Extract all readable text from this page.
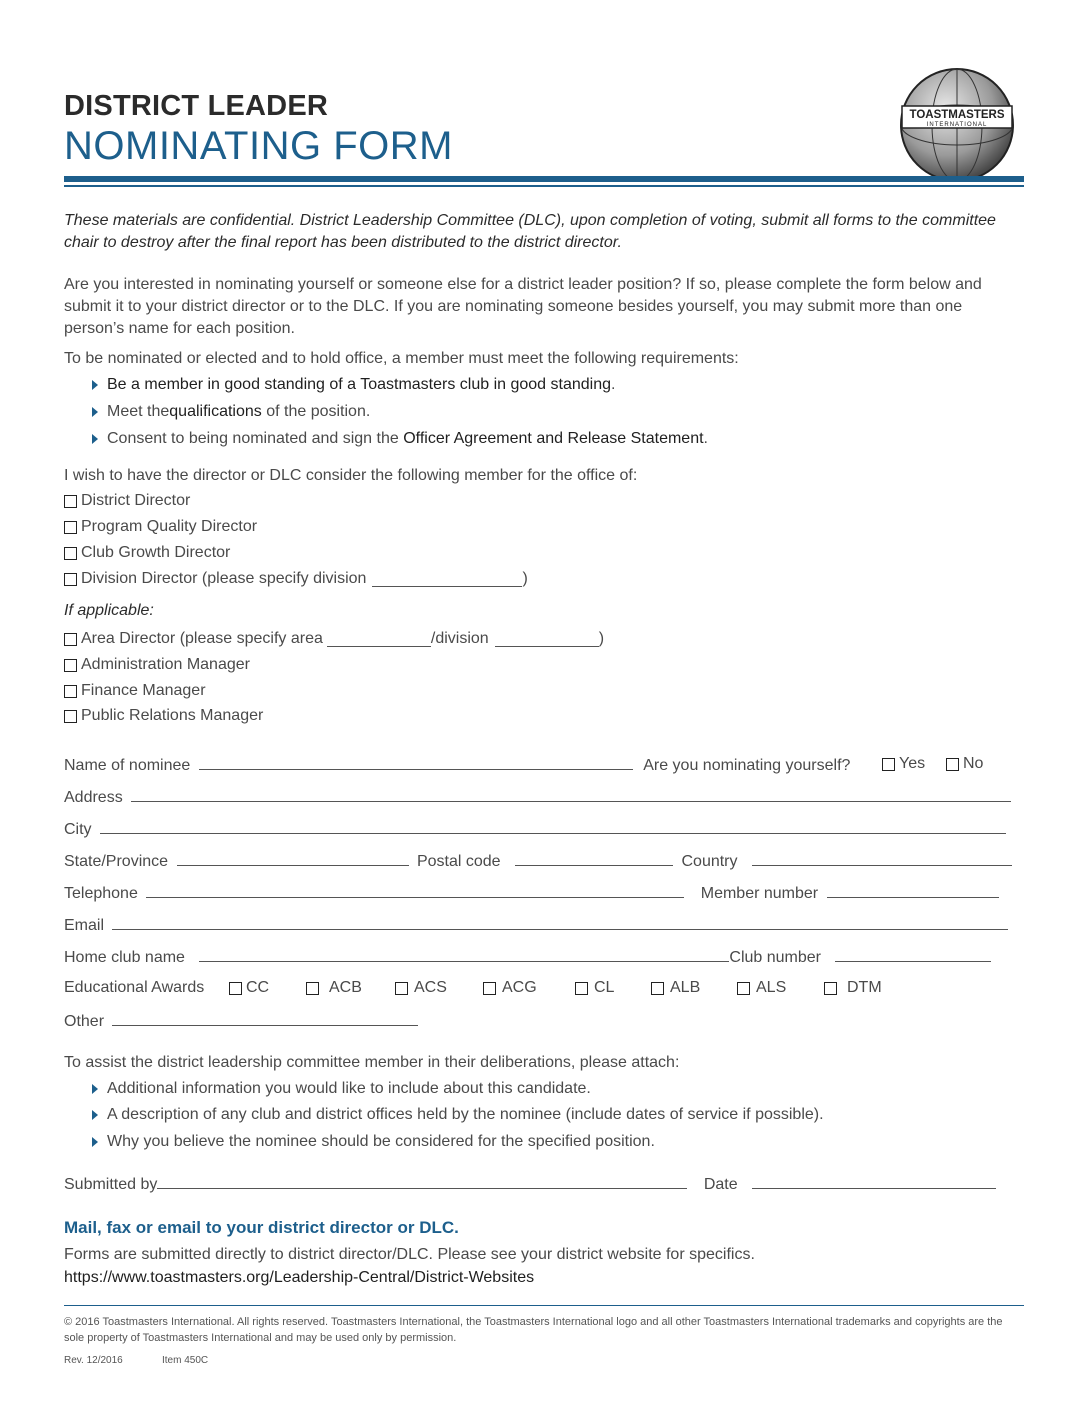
DISTRICT LEADER
NOMINATING FORM
TOASTMASTERS
INTERNATIONAL
These materials are confidential. District Leadership Committee (DLC), upon completion of voting, submit all forms to the committee chair to destroy after the final report has been distributed to the district director.
Are you interested in nominating yourself or someone else for a district leader position? If so, please complete the form below and submit it to your district director or to the DLC. If you are nominating someone besides yourself, you may submit more than one person’s name for each position.
To be nominated or elected and to hold office, a member must meet the following requirements:
Be a member in good standing of a Toastmasters club in good standing .
Meet the qualifications of the position.
Consent to being nominated and sign the Officer Agreement and Release Statement .
I wish to have the director or DLC consider the following member for the office of:
District Director
Program Quality Director
Club Growth Director
Division Director (please specify division	)
If applicable:
Area Director (please specify area	/division	)
Administration Manager
Finance Manager
Public Relations Manager
Name of nominee	Are you nominating yourself?	Yes No
Address
City
State/Province	Postal code	Country
Telephone	Member number
Email
Home club name	Club number
Educational Awards	CC	ACB	ACS	ACG	CL	ALB	ALS	DTM
Other
To assist the district leadership committee member in their deliberations, please attach:
Additional information you would like to include about this candidate.
A description of any club and district offices held by the nominee (include dates of service if possible).
Why you believe the nominee should be considered for the specified position.
Submitted by	Date
Mail, fax or email to your district director or DLC.
Forms are submitted directly to district director/DLC. Please see your district website for specifics.
https://www.toastmasters.org/Leadership-Central/District-Websites
© 2016 Toastmasters International. All rights reserved. Toastmasters International, the Toastmasters International logo and all other Toastmasters International trademarks and copyrights are the sole property of Toastmasters International and may be used only by permission.
Rev. 12/2016	Item 450C
